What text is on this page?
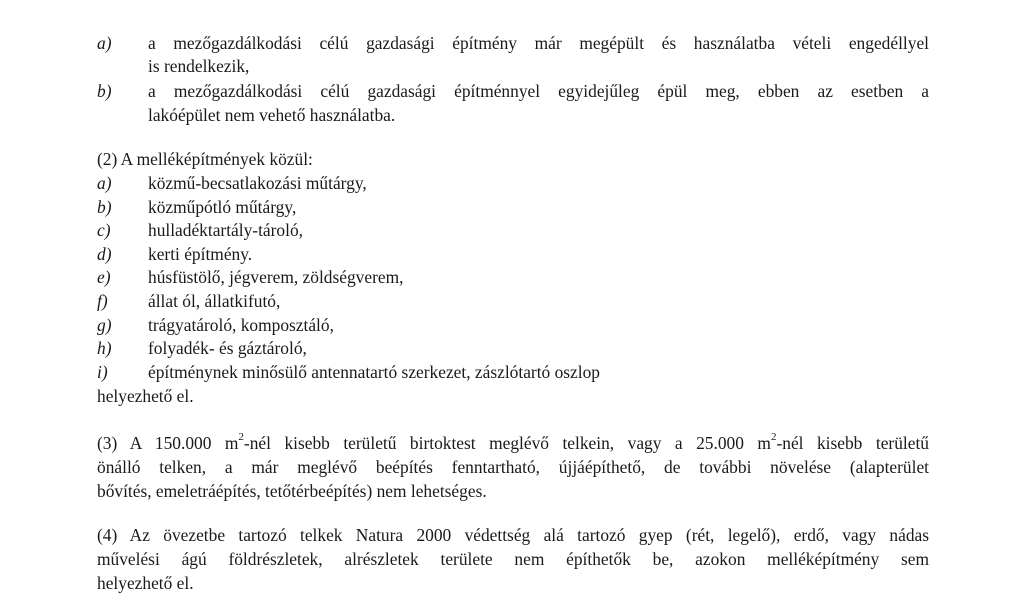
a) a mezőgazdálkodási célú gazdasági építmény már megépült és használatba vételi engedéllyel
is rendelkezik,
b) a mezőgazdálkodási célú gazdasági építménnyel egyidejűleg épül meg, ebben az esetben a
lakóépület nem vehető használatba.
(2) A melléképítmények közül:
a) közmű-becsatlakozási műtárgy,
b) közműpótló műtárgy,
c) hulladéktartály-tároló,
d) kerti építmény.
e) húsfüstölő, jégverem, zöldségverem,
f) állat ól, állatkifutó,
g) trágyatároló, komposztáló,
h) folyadék- és gáztároló,
i) építménynek minősülő antennatartó szerkezet, zászlótartó oszlop
helyezhető el.
(3) A 150.000 $m^2$-nél kisebb területű birtoktest meglévő telkein, vagy a 25.000 $m^2$-nél kisebb területű
önálló telken, a már meglévő beépítés fenntartható, újjáépíthető, de további növelése (alapterület
bővítés, emeletráépítés, tetőtérbeépítés) nem lehetséges.
(4) Az övezetbe tartozó telkek Natura 2000 védettség alá tartozó gyep (rét, legelő), erdő, vagy nádas
művelési ágú földrészletek, alrészletek területe nem építhetők be, azokon melléképítmény sem
helyezhető el.
